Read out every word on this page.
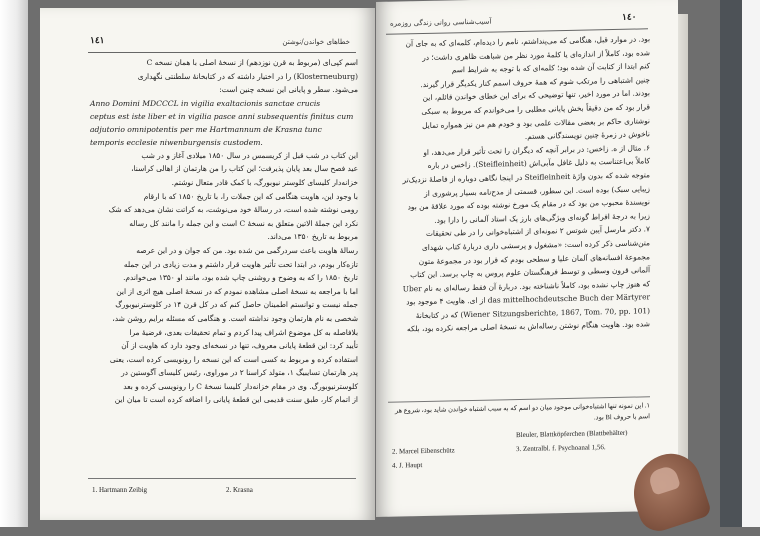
١٤١	خطاهای خواندن/نوشتن
اسم کپی‌ای (مربوط به قرن نوزدهم) از نسخهٔ اصلی با همان نسخه C
(Klosterneuburg) را در اختیار داشته که در کتابخانهٔ سلطنتی نگهداری
می‌شود. سطر و پایانی این نسخه چنین است:
Anno Domini MDCCCL in vigilia exaltacionis sanctae crucis
ceptus est iste liber et in vigilia pasce anni subsequentis finitus cum
adjutorio omnipotentis per me Hartmannum de Krasna tunc
temporis ecclesie niwenburgensis custodem.
این کتاب در شب قبل از کریسمس در سال ۱۸۵۰ میلادی آغاز و در شب
عید فصح سال بعد پایان پذیرفت؛ این کتاب را من هارتمان از اهالی کراسنا،
خزانه‌دار کلیسای کلوستر نیوبورگ، با کمک قادر متعال نوشتم.
با وجود این، هاویت هنگامی که این جملات را، با تاریخ ۱۸۵۰ که با ارقام
رومی نوشته شده است، در رسالهٔ خود می‌نوشت، به کراتت نشان می‌دهد که شک
نکرد این جملهٔ الاتین متعلق به نسخهٔ C است و این جمله را مانند کل رساله
مربوط به تاریخ ۱۳۵۰ می‌داند.
رسالهٔ هاویت باعث سردرگمی من شده بود. من که جوان و در این عرصه
تازه‌کار بودم، در ابتدا تحت تأثیر هاویت قرار داشتم و مدت زیادی در این جمله
تاریخ ۱۸۵۰ را که به وضوح و روشنی چاپ شده بود، مانند او ۱۳۵۰ می‌خواندم.
اما با مراجعه به نسخهٔ اصلی مشاهده نمودم که در نسخهٔ اصلی هیچ اثری از این
جمله نیست و توانستم اطمینان حاصل کنم که در کل قرن ۱۴ در کلوسترنیوبورگ
شخصی به نام هارتمان وجود نداشته است. و هنگامی که مسئله برایم روشن شد،
بلافاصله به کل موضوع اشراف پیدا کردم و تمام تحقیقات بعدی، فرضیهٔ مرا
تأیید کرد: این قطعهٔ پایانی معروف، تنها در نسخه‌ای وجود دارد که هاویت از آن
استفاده کرده و مربوط به کسی است که این نسخه را رونویسی کرده است، یعنی
پدر هارتمان تسایبیگ ۱، متولد کراسنا ۲ در موراوی، رئیس کلیسای آگوستین در
کلوسترنیوبورگ. وی در مقام خزانه‌دار کلیسا نسخهٔ C را رونویسی کرده و بعد
از اتمام کار، طبق سنت قدیمی این قطعهٔ پایانی را اضافه کرده است تا میان این
1. Hartmann Zeibig	2. Krasna
آسیب‌شناسی روانی زندگی روزمره	١٤٠
بود. در موارد قبل، هنگامی که می‌پنداشتم، نامم را دیده‌ام، کلمه‌ای که به جای آن
شده بود، کاملاً از اندازه‌ای یا کلمهٔ مورد نظر من شباهت ظاهری داشت؛ در
کنم ابتدا از کتابت آن شده بود؛ کلمه‌ای که با توجه به شرایط اسم
چنین اشتباهی را مرتکب شوم که همهٔ حروف اسمم کنار یکدیگر قرار گیرند.
بودند. اما در مورد اخیر، تنها توضیحی که برای این خطای خواندن قائلم، این
قرار بود که من دقیقاً بخش پایانی مطلبی را می‌خواندم که مربوط به سبکی
نوشتاری حاکم بر بعضی مقالات علمی بود و خودم هم من نیز همواره تمایل
ناخوش در زمرهٔ چنین نویسندگانی هستم.
۶. مثال از ه. زاخس: در برابر آنچه که دیگران را تحت تأثیر قرار می‌دهد، او
کاملاً بی‌اعتناست به دلیل غافل مآبی‌اش (Steifleinheit). زاخس در باره
متوجه شده که بدون واژهٔ Steifleinheit در اینجا نگاهی دوباره از فاصلهٔ نزدیک‌تر
زیبایی سبک) بوده است. این سطور، قسمتی از مدح‌نامه بسیار پرشوری از
نویسندهٔ محبوب من بود که در مقام یک مورخ نوشته بوده که مورد علاقهٔ من بود
زیرا به درجهٔ افراط گونه‌ای ویژگی‌های بارز یک استاد آلمانی را دارا بود.
۷. دکتر مارسل آیبن شوتس ۲ نمونه‌ای از اشتباه‌خوانی را در طی تحقیقات
متن‌شناسی ذکر کرده است: «مشغول و پرسشی داری دربارهٔ کتاب شهدای
مجموعهٔ افسانه‌های آلمان علیا و سطحی بودم که قرار بود در مجموعهٔ متون
آلمانی قرون وسطی و توسط فرهنگستان علوم پروس به چاپ برسد. این کتاب
که هنوز چاپ نشده بود، کاملاً ناشناخته بود. دربارهٔ آن فقط رساله‌ای به نام Uber
das mittelhochdeutsche Buch der Märtyrer از ای. هاویت ۴ موجود بود
(Wiener Sitzungsberichte, 1867, Tom. 70, pp. 101) که در کتابخانهٔ
شده بود. هاویت هنگام نوشتن رساله‌اش به نسخهٔ اصلی مراجعه نکرده بود، بلکه
۱. این نمونه تنها اشتباه‌خوانی موجود میان دو اسم که به سبب اشتباه خواندن شاید بود، شروع هر اسم با حروف Bl بود.
Bleuler, Blattköpferchen (Blattbehälter)
3. Zentralbl. f. Psychoanal 1,56.
2. Marcel Eibenschütz
4. J. Haupt
